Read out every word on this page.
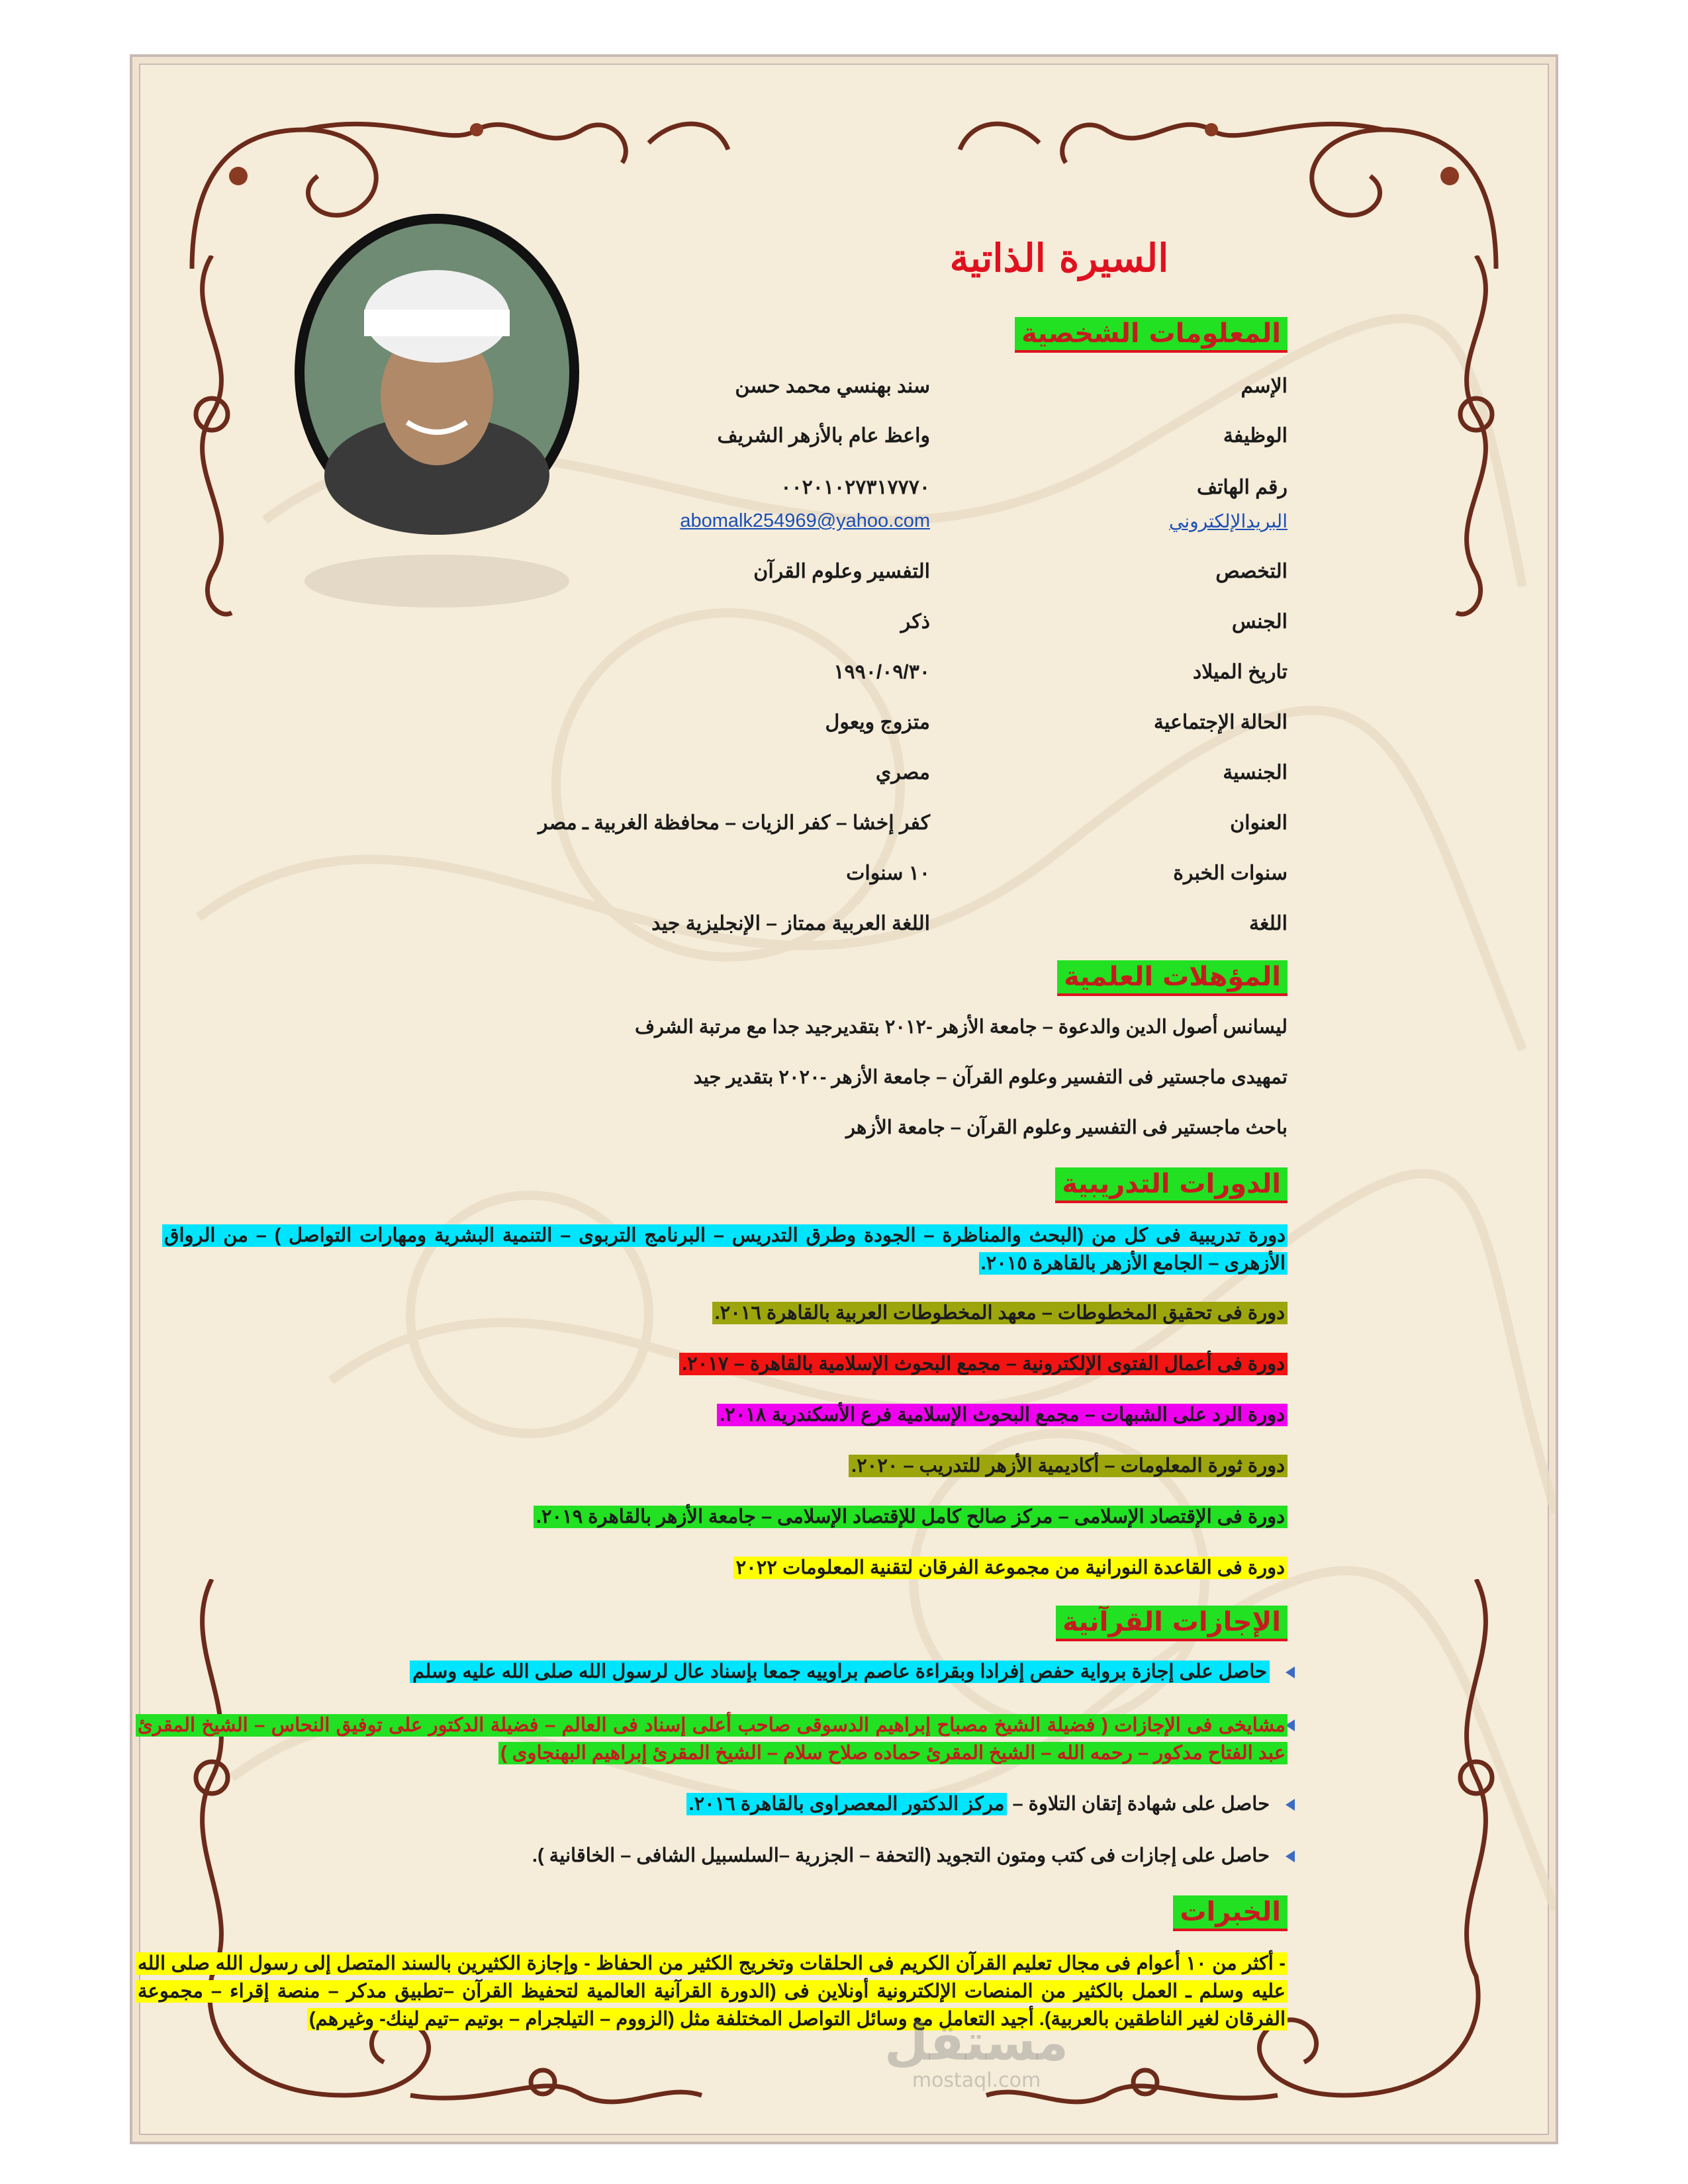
السيرة الذاتية
المعلومات الشخصية
الإسم
سند بهنسي محمد حسن
الوظيفة
واعظ عام بالأزهر الشريف
رقم الهاتف
٠٠٢٠١٠٢٧٣١٧٧٧٠
البريدالإلكتروني
abomalk254969@yahoo.com
التخصص
التفسير وعلوم القرآن
الجنس
ذكر
تاريخ الميلاد
١٩٩٠/٠٩/٣٠
الحالة الإجتماعية
متزوج ويعول
الجنسية
مصري
العنوان
كفر إخشا – كفر الزيات – محافظة الغربية ـ مصر
سنوات الخبرة
١٠ سنوات
اللغة
اللغة العربية ممتاز – الإنجليزية جيد
المؤهلات العلمية
ليسانس أصول الدين والدعوة – جامعة الأزهر -٢٠١٢ بتقديرجيد جدا مع مرتبة الشرف
تمهيدى ماجستير فى التفسير وعلوم القرآن – جامعة الأزهر -٢٠٢٠ بتقدير جيد
باحث ماجستير فى التفسير وعلوم القرآن – جامعة الأزهر
الدورات التدريبية
دورة تدريبية فى كل من (البحث والمناظرة – الجودة وطرق التدريس – البرنامج التربوى – التنمية البشرية ومهارات التواصل ) – من الرواق الأزهرى – الجامع الأزهر بالقاهرة ٢٠١٥.
دورة فى تحقيق المخطوطات – معهد المخطوطات العربية بالقاهرة ٢٠١٦.
دورة فى أعمال الفتوى الإلكترونية – مجمع البحوث الإسلامية بالقاهرة – ٢٠١٧.
دورة الرد على الشبهات – مجمع البحوث الإسلامية فرع الأسكندرية ٢٠١٨.
دورة ثورة المعلومات – أكاديمية الأزهر للتدريب – ٢٠٢٠.
دورة فى الإقتصاد الإسلامى – مركز صالح كامل للإقتصاد الإسلامى – جامعة الأزهر بالقاهرة ٢٠١٩.
دورة فى القاعدة النورانية من مجموعة الفرقان لتقنية المعلومات ٢٠٢٢
الإجازات القرآنية
حاصل على إجازة برواية حفص إفرادا وبقراءة عاصم براوييه جمعا بإسناد عال لرسول الله صلى الله عليه وسلم
مشايخى فى الإجازات ( فضيلة الشيخ مصباح إبراهيم الدسوقى صاحب أعلى إسناد فى العالم – فضيلة الدكتور على توفيق النحاس – الشيخ المقرئ عبد الفتاح مدكور – رحمه الله – الشيخ المقرئ حماده صلاح سلام – الشيخ المقرئ إبراهيم البهنجاوى )
حاصل على شهادة إتقان التلاوة – مركز الدكتور المعصراوى بالقاهرة ٢٠١٦.
حاصل على إجازات فى كتب ومتون التجويد (التحفة – الجزرية –السلسبيل الشافى – الخاقانية ).
الخبرات
- أكثر من ١٠ أعوام فى مجال تعليم القرآن الكريم فى الحلقات وتخريج الكثير من الحفاظ - وإجازة الكثيرين بالسند المتصل إلى رسول الله صلى الله عليه وسلم ـ العمل بالكثير من المنصات الإلكترونية أونلاين فى (الدورة القرآنية العالمية لتحفيظ القرآن –تطبيق مدكر – منصة إقراء – مجموعة الفرقان لغير الناطقين بالعربية). أجيد التعامل مع وسائل التواصل المختلفة مثل (الزووم – التيلجرام – بوتيم –تيم لينك- وغيرهم)
مستقل
mostaql.com
